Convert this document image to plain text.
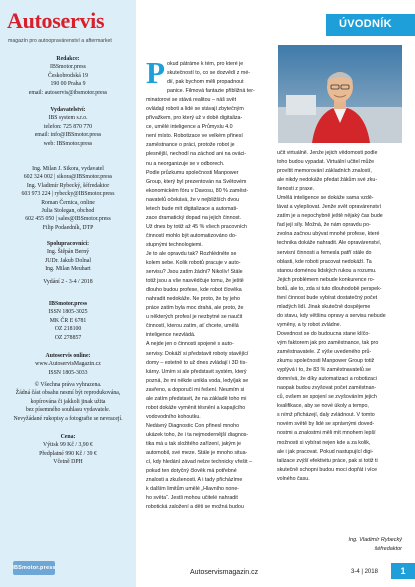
Autoservis
magazín pro autoopravárenství a aftermarket
Redakce:
IBSmotor.press
Českobrodská 19
190 00 Praha 9
email: autoservis@ibsmotor.press
Vydavatelství:
IBS system s.r.o.
telefon: 725 870 770
email: info@IBSmotor.press
web: IBSmotor.press
Ing. Milan J. Sikora, vydavatel
602 324 002 | sikora@IBSmotor.press
Ing. Vladimír Rybecký, šéfredaktor
603 973 224 | rybecky@IBSmotor.press
Roman Černica, online
Julia Stolegan, obchod
602 455 050 | sales@IBSmotor.press
Filip Podaedník, DTP
Spolupracovníci:
Ing. Štěpán Berný
JUDr. Jakub Dolnal
Ing. Milan Meuhart
Vydání 2 - 3-4 / 2018
IBSmotor.press
ISSN 1805-3025
MK ČR E 6781
OZ 218100
OZ 278857
Autoservis online:
www.AutoservisMagazin.cz
ISSN 1805-3033
© Všechna práva vyhrazena.
Žádná část obsahu nesmí být reprodukována,
kopírována či jakkoli jinak užita
bez písemného souhlasu vydavatele.
Nevyžádané rukopisy a fotografie se nevracejí.
Cena:
Výtisk 99 Kč / 3,90 €
Předplatné 990 Kč / 39 €
Včetně DPH
IBSmotor.press
ÚVODNÍK
P okud pátráme k tém, pro které je
skutečností to, co se dozvědí z mé-
dií, pak bychom měli propadnout
panice. Filmová fantazie přibližná ter-
minatorovi se stává realitou – náš svět
ovládají roboti a lidé se stávají zbytečným
přívažkem, pro který už v době digitaliza-
ce, umělé inteligence a Průmyslu 4.0
není místo. Robotizace ve velkém přinesí
zaměstnance o práci, protože robot je
plesnější, nechodí na záchod ani na ováci-
nu a neorganizuje se v odborech.
Podle průzkumu společnosti Manpower
Group, který byl prezentován na Světovém
ekonomickém fóru v Davosu, 80 % zaměst-
navatelů očekává, že v nejbližších dvou
letech bude mít digitalizace a automati-
zace dramatický dopad na jejich činnost.
Už dnes by totiž až 45 % všech pracovních
činností mohlo být automatizováno do-
stupnými technologiemi.
Je to ale opravdu tak? Rozhlédněte se
kolem sebe. Kolik robotů pracuje v auto-
servisu? Jsou zatím žádní? Nikolív! Stále
totiž jsou a vše nasvědčuje tomu, že ještě
dlouho budou profese, kde robot člověka
nahradit nedokáže. Ne proto, že by jeho
práce zatím byla moc drahá, ale proto, že
u některých profesí je nezbytné se naučit
činností, kterou zatím, ať chcete, umělá
inteligence nezvládá.
A nejde jen o činnosti spojené s auto-
servisy. Dokáží si představit roboty stavějící
domy – estetně to už dnes zvládají i 3D tis-
kárny. Umím si ale představit systém, který
pozná, že mi někde unikla voda, ledy/jak se
zavřeno, a doporučí mi řešení. Neumím si
ale zatím představit, že na základě toho mi
robot dokáže vyměnit těsnění a kapajícího
vodovodního kohoutku.
Nedávný Diagnostic Con přinesl mnoho
ukázek toho, že i ta nejmodernější diagnos-
tika má u tak složitého zařízení, jakým je
automobil, své meze. Stále je mnoho situa-
cí, kdy hledání závad nelze technicky vřešit –
pokud ten dotyčný člověk má potřebné
znalosti a zkušenosti. A i tady přicházíme
k dalším limitům umělé „Hlavního none-
ho světa“. Jestli mohou učitelé nahradit
robotická založení a děti se možná budou
učit virtuálně. Jenže jejich vědomosti podle
toho budou vypadat. Virtuální učitel může
provítit memorování základních znalostí,
ale nikdy nedokáže předat žákům své zku-
šenosti z praxe.
Umělá inteligence se dokáže sama vzdě-
lávat a vylepšovat. Jenže svět opravárenství
zatím je a nepochybně ještě nějaký čas bude
řad její síly. Možná, že nám opravdu po-
zvolna začnou ubývat mnohé profese, které
technika dokáže nahradit. Ale opravárenství,
servisní činnosti a řemesla patří stále do
oblasti, kde roboti pracovat nedokáží. Ta
stanou doménou lidských rukou a rozumu.
Jejich problémem nebude konkurence ro-
botů, ale to, zda si tuto dlouhodobě perspek-
tivní činnost bude vybírat dostatečný počet
mladých lidí. Jinak skutečně dospějeme
do stavu, kdy většinu opravy a servisu nebude
vyměny, a ty robot zvládne.
Dovednost se do budoucna stane klíčo-
vým faktorem jak pro zaměstnance, tak pro
zaměstnavatele. Z výše uvedeného prů-
zkumu společnosti Manpower Group totiž
vyplývá i to, že 83 % zaměstnavatelů se
domnívá, že díky automatizaci a robotizaci
naopak budou zvyšovat počet zaměstnan-
ců, ovšem se spojení se zvyšováním jejich
kvalifikace, aby se nové úkoly a tempo,
s nímž přicházejí, daly zvládnout. V tomto
novém světě by lidé se správnými doved-
nostmi a znalostmi měli mít mnohem lepší
možnosti si vybírat nejen kde a za kolik,
ale i jak pracovat. Pokud nastupující digi-
talizace zvýší efektivitu práce, pak si totiž ti
skutečně schopni budou moci dopřát i více
volného času.
Ing. Vladimír Rybecký
šéfredaktor
Autoservismagazin.cz	3-4 | 2018	1
